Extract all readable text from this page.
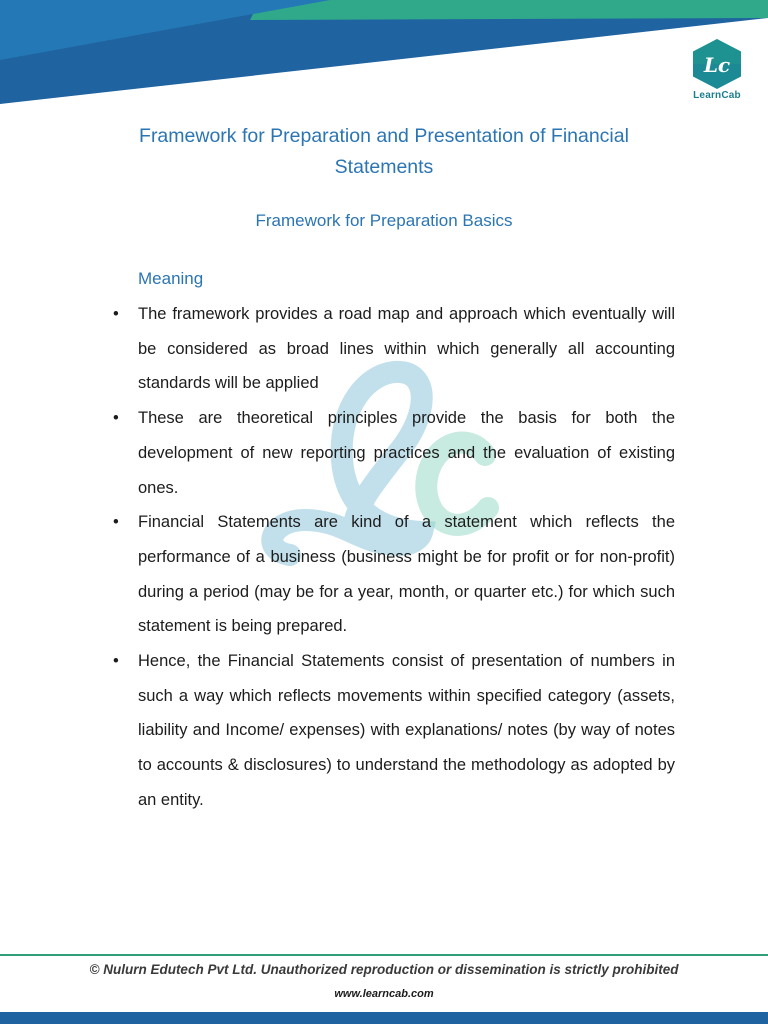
Lc
LearnCab
Framework for Preparation and Presentation of Financial Statements
Framework for Preparation Basics
Meaning
• The framework provides a road map and approach which eventually will be considered as broad lines within which generally all accounting standards will be applied
• These are theoretical principles provide the basis for both the development of new reporting practices and the evaluation of existing ones.
• Financial Statements are kind of a statement which reflects the performance of a business (business might be for profit or for non-profit) during a period (may be for a year, month, or quarter etc.) for which such statement is being prepared.
• Hence, the Financial Statements consist of presentation of numbers in such a way which reflects movements within specified category (assets, liability and Income/ expenses) with explanations/ notes (by way of notes to accounts & disclosures) to understand the methodology as adopted by an entity.
© Nulurn Edutech Pvt Ltd. Unauthorized reproduction or dissemination is strictly prohibited
www.learncab.com
